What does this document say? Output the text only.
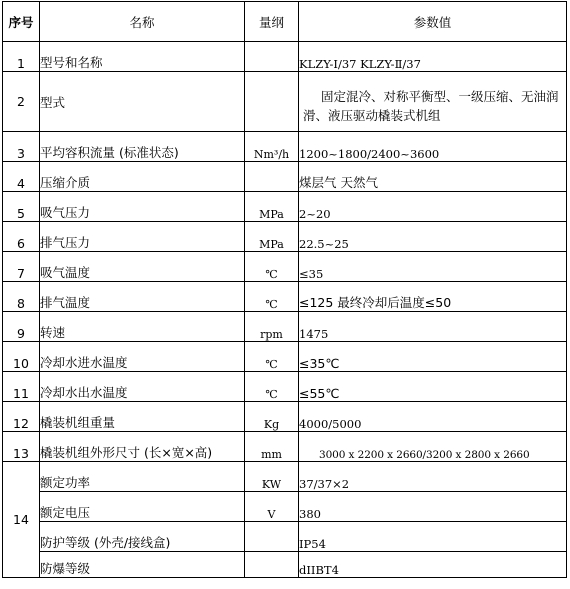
序号	名称	量纲	参数值
1	型号和名称		KLZY-Ⅰ/37 KLZY-Ⅱ/37
2	型式		固定混冷、对称平衡型、一级压缩、无油润滑、液压驱动橇装式机组
3	平均容积流量 (标准状态)	Nm³/h	1200~1800/2400~3600
4	压缩介质		煤层气 天然气
5	吸气压力	MPa	2~20
6	排气压力	MPa	22.5~25
7	吸气温度	℃	≤35
8	排气温度	℃	≤125 最终冷却后温度≤50
9	转速	rpm	1475
10	冷却水进水温度	℃	≤35℃
11	冷却水出水温度	℃	≤55℃
12	橇装机组重量	Kg	4000/5000
13	橇装机组外形尺寸 (长×宽×高)	mm	3000 x 2200 x 2660/3200 x 2800 x 2660
14	额定功率	KW	37/37×2
	额定电压	V	380
	防护等级 (外壳/接线盒)		IP54
	防爆等级		dIIBT4
